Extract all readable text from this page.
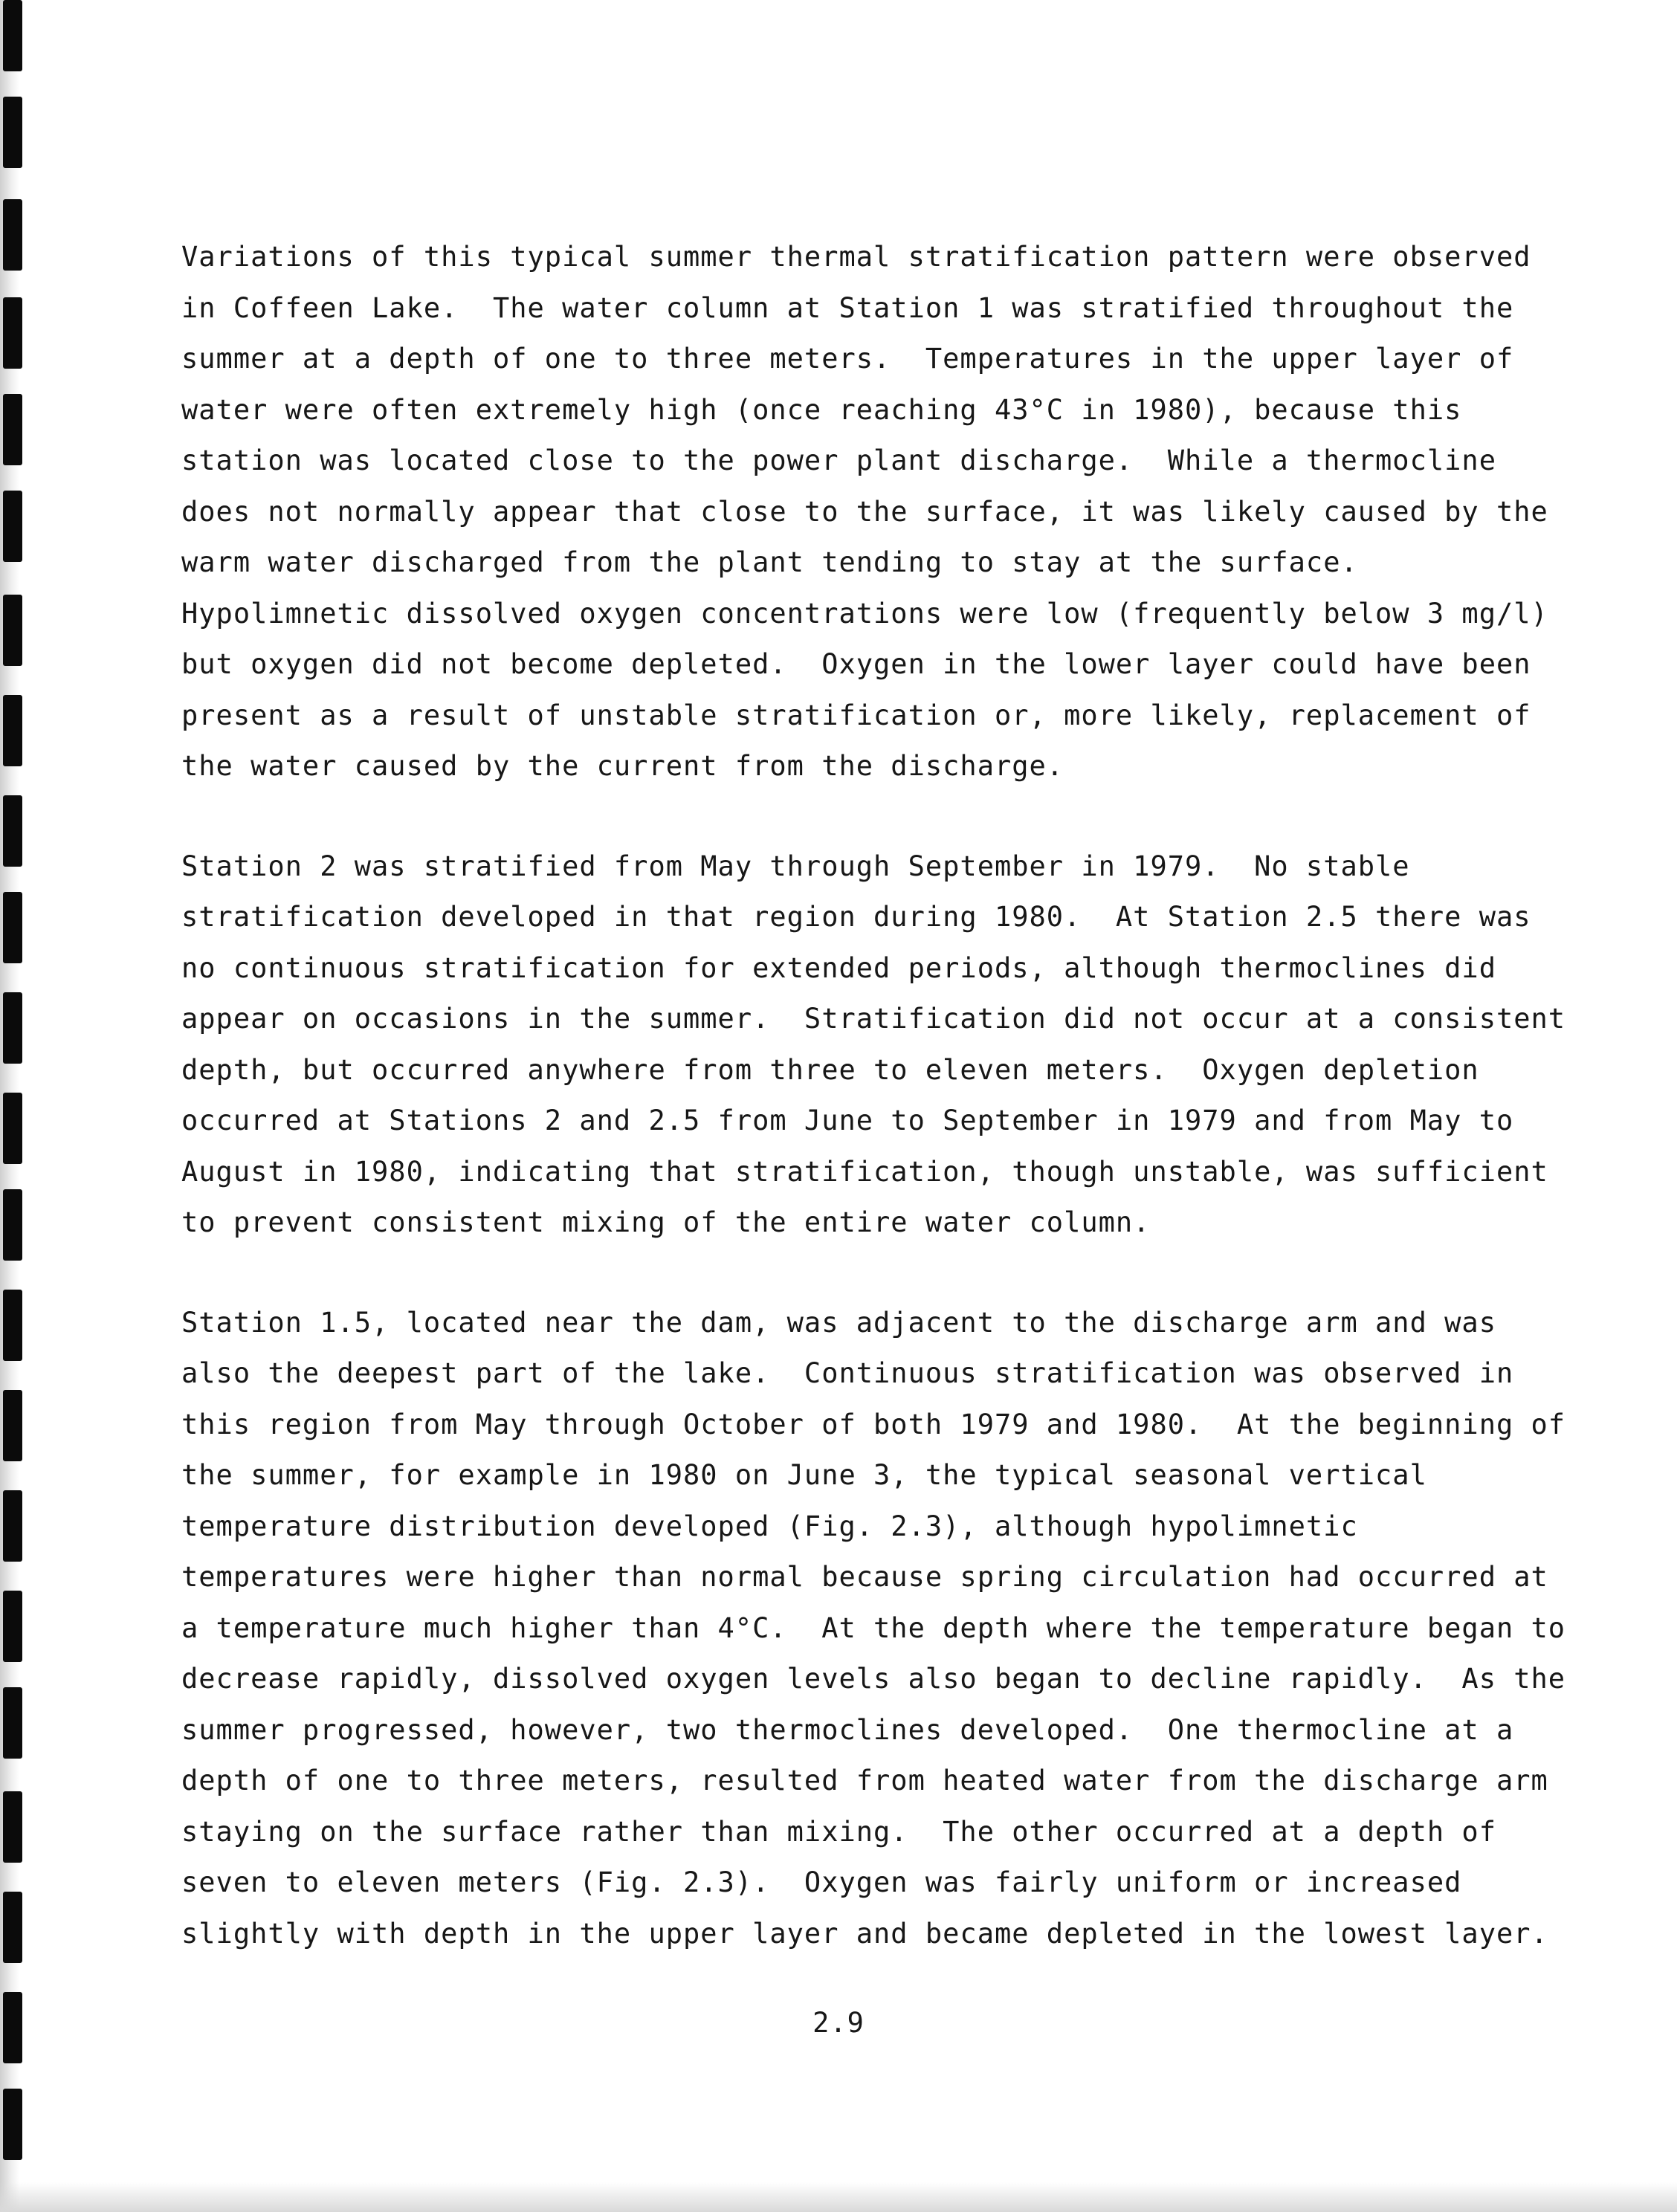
Variations of this typical summer thermal stratification pattern were observed
in Coffeen Lake.  The water column at Station 1 was stratified throughout the
summer at a depth of one to three meters.  Temperatures in the upper layer of
water were often extremely high (once reaching 43°C in 1980), because this
station was located close to the power plant discharge.  While a thermocline
does not normally appear that close to the surface, it was likely caused by the
warm water discharged from the plant tending to stay at the surface.
Hypolimnetic dissolved oxygen concentrations were low (frequently below 3 mg/l)
but oxygen did not become depleted.  Oxygen in the lower layer could have been
present as a result of unstable stratification or, more likely, replacement of
the water caused by the current from the discharge.
Station 2 was stratified from May through September in 1979.  No stable
stratification developed in that region during 1980.  At Station 2.5 there was
no continuous stratification for extended periods, although thermoclines did
appear on occasions in the summer.  Stratification did not occur at a consistent
depth, but occurred anywhere from three to eleven meters.  Oxygen depletion
occurred at Stations 2 and 2.5 from June to September in 1979 and from May to
August in 1980, indicating that stratification, though unstable, was sufficient
to prevent consistent mixing of the entire water column.
Station 1.5, located near the dam, was adjacent to the discharge arm and was
also the deepest part of the lake.  Continuous stratification was observed in
this region from May through October of both 1979 and 1980.  At the beginning of
the summer, for example in 1980 on June 3, the typical seasonal vertical
temperature distribution developed (Fig. 2.3), although hypolimnetic
temperatures were higher than normal because spring circulation had occurred at
a temperature much higher than 4°C.  At the depth where the temperature began to
decrease rapidly, dissolved oxygen levels also began to decline rapidly.  As the
summer progressed, however, two thermoclines developed.  One thermocline at a
depth of one to three meters, resulted from heated water from the discharge arm
staying on the surface rather than mixing.  The other occurred at a depth of
seven to eleven meters (Fig. 2.3).  Oxygen was fairly uniform or increased
slightly with depth in the upper layer and became depleted in the lowest layer.
2.9
